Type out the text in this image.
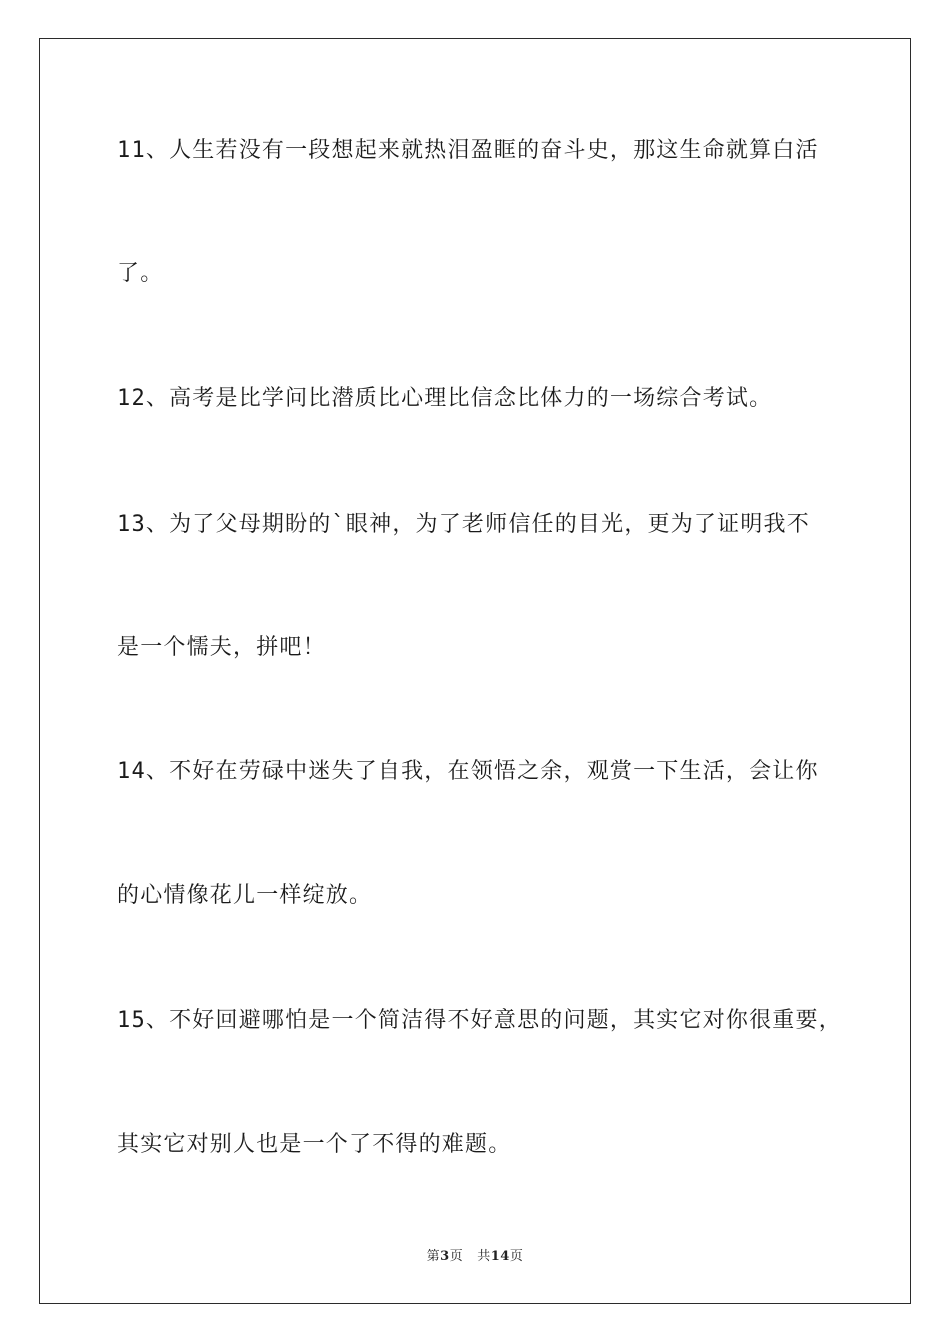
11、人生若没有一段想起来就热泪盈眶的奋斗史，那这生命就算白活
了。
12、高考是比学问比潜质比心理比信念比体力的一场综合考试。
13、为了父母期盼的`眼神，为了老师信任的目光，更为了证明我不
是一个懦夫，拼吧！
14、不好在劳碌中迷失了自我，在领悟之余，观赏一下生活，会让你
的心情像花儿一样绽放。
15、不好回避哪怕是一个简洁得不好意思的问题，其实它对你很重要，
其实它对别人也是一个了不得的难题。
第3页 共14页
